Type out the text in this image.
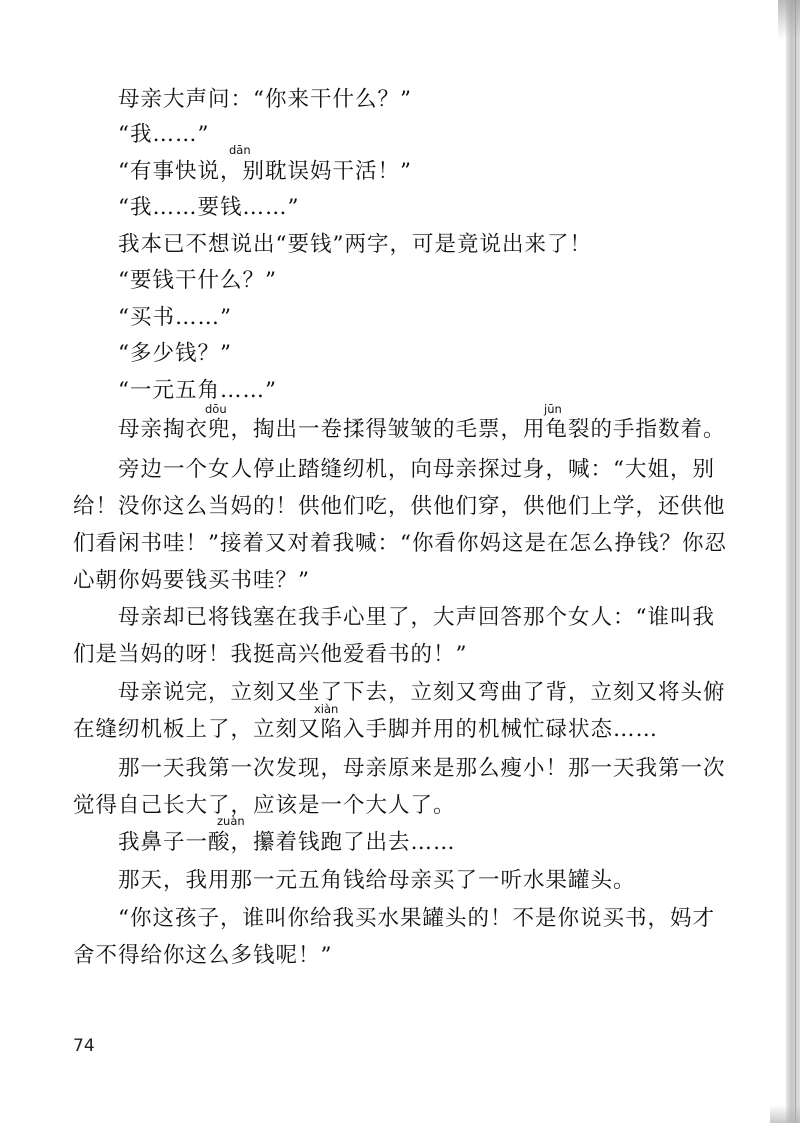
母亲大声问：“你来干什么？”
“我……”
dān
“有事快说，别耽误妈干活！”
“我……要钱……”
我本已不想说出“要钱”两字，可是竟说出来了！
“要钱干什么？”
“买书……”
“多少钱？”
“一元五角……”
dōu	jūn
母亲掏衣兜，掏出一卷揉得皱皱的毛票，用龟裂的手指数着。
旁边一个女人停止踏缝纫机，向母亲探过身，喊：“大姐，别
给！没你这么当妈的！供他们吃，供他们穿，供他们上学，还供他
们看闲书哇！”接着又对着我喊：“你看你妈这是在怎么挣钱？你忍
心朝你妈要钱买书哇？”
母亲却已将钱塞在我手心里了，大声回答那个女人：“谁叫我
们是当妈的呀！我挺高兴他爱看书的！”
母亲说完，立刻又坐了下去，立刻又弯曲了背，立刻又将头俯
xiàn
在缝纫机板上了，立刻又陷入手脚并用的机械忙碌状态……
那一天我第一次发现，母亲原来是那么瘦小！那一天我第一次
觉得自己长大了，应该是一个大人了。
zuàn
我鼻子一酸，攥着钱跑了出去……
那天，我用那一元五角钱给母亲买了一听水果罐头。
“你这孩子，谁叫你给我买水果罐头的！不是你说买书，妈才
舍不得给你这么多钱呢！”
74
